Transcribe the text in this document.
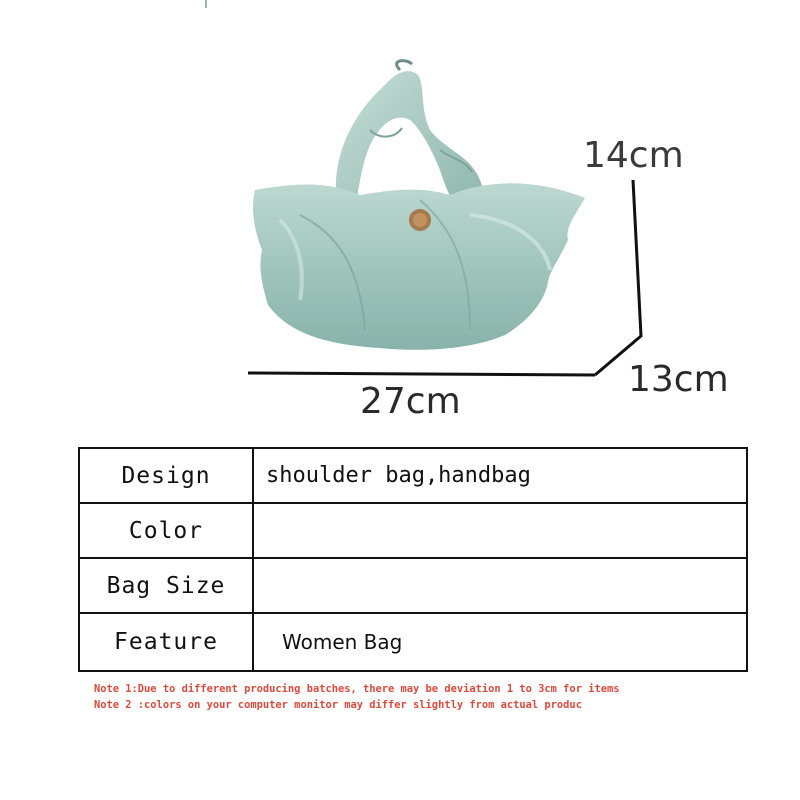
14cm
13cm
27cm
Design	shoulder bag,handbag
Color	
Bag Size	
Feature	Women Bag
Note 1:Due to different producing batches, there may be deviation 1 to 3cm for items
Note 2 :colors on your computer monitor may differ slightly from actual produc
